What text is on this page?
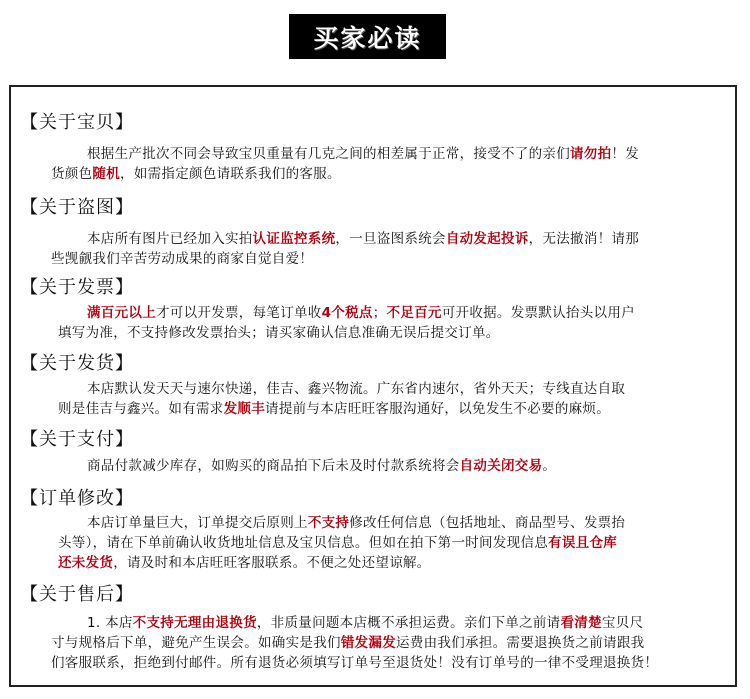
买家必读
【关于宝贝】
根据生产批次不同会导致宝贝重量有几克之间的相差属于正常，接受不了的亲们请勿拍！发
货颜色随机，如需指定颜色请联系我们的客服。
【关于盗图】
本店所有图片已经加入实拍认证监控系统，一旦盗图系统会自动发起投诉，无法撤消！请那
些觊觎我们辛苦劳动成果的商家自觉自爱！
【关于发票】
满百元以上才可以开发票，每笔订单收4个税点；不足百元可开收据。发票默认抬头以用户
填写为准，不支持修改发票抬头；请买家确认信息准确无误后提交订单。
【关于发货】
本店默认发天天与速尔快递，佳吉、鑫兴物流。广东省内速尔，省外天天；专线直达自取
则是佳吉与鑫兴。如有需求发顺丰请提前与本店旺旺客服沟通好，以免发生不必要的麻烦。
【关于支付】
商品付款减少库存，如购买的商品拍下后未及时付款系统将会自动关闭交易。
【订单修改】
本店订单量巨大，订单提交后原则上不支持修改任何信息（包括地址、商品型号、发票抬
头等），请在下单前确认收货地址信息及宝贝信息。但如在拍下第一时间发现信息有误且仓库
还未发货，请及时和本店旺旺客服联系。不便之处还望谅解。
【关于售后】
1. 本店不支持无理由退换货，非质量问题本店概不承担运费。亲们下单之前请看清楚宝贝尺
寸与规格后下单，避免产生误会。如确实是我们错发漏发运费由我们承担。需要退换货之前请跟我
们客服联系，拒绝到付邮件。所有退货必须填写订单号至退货处！没有订单号的一律不受理退换货！
